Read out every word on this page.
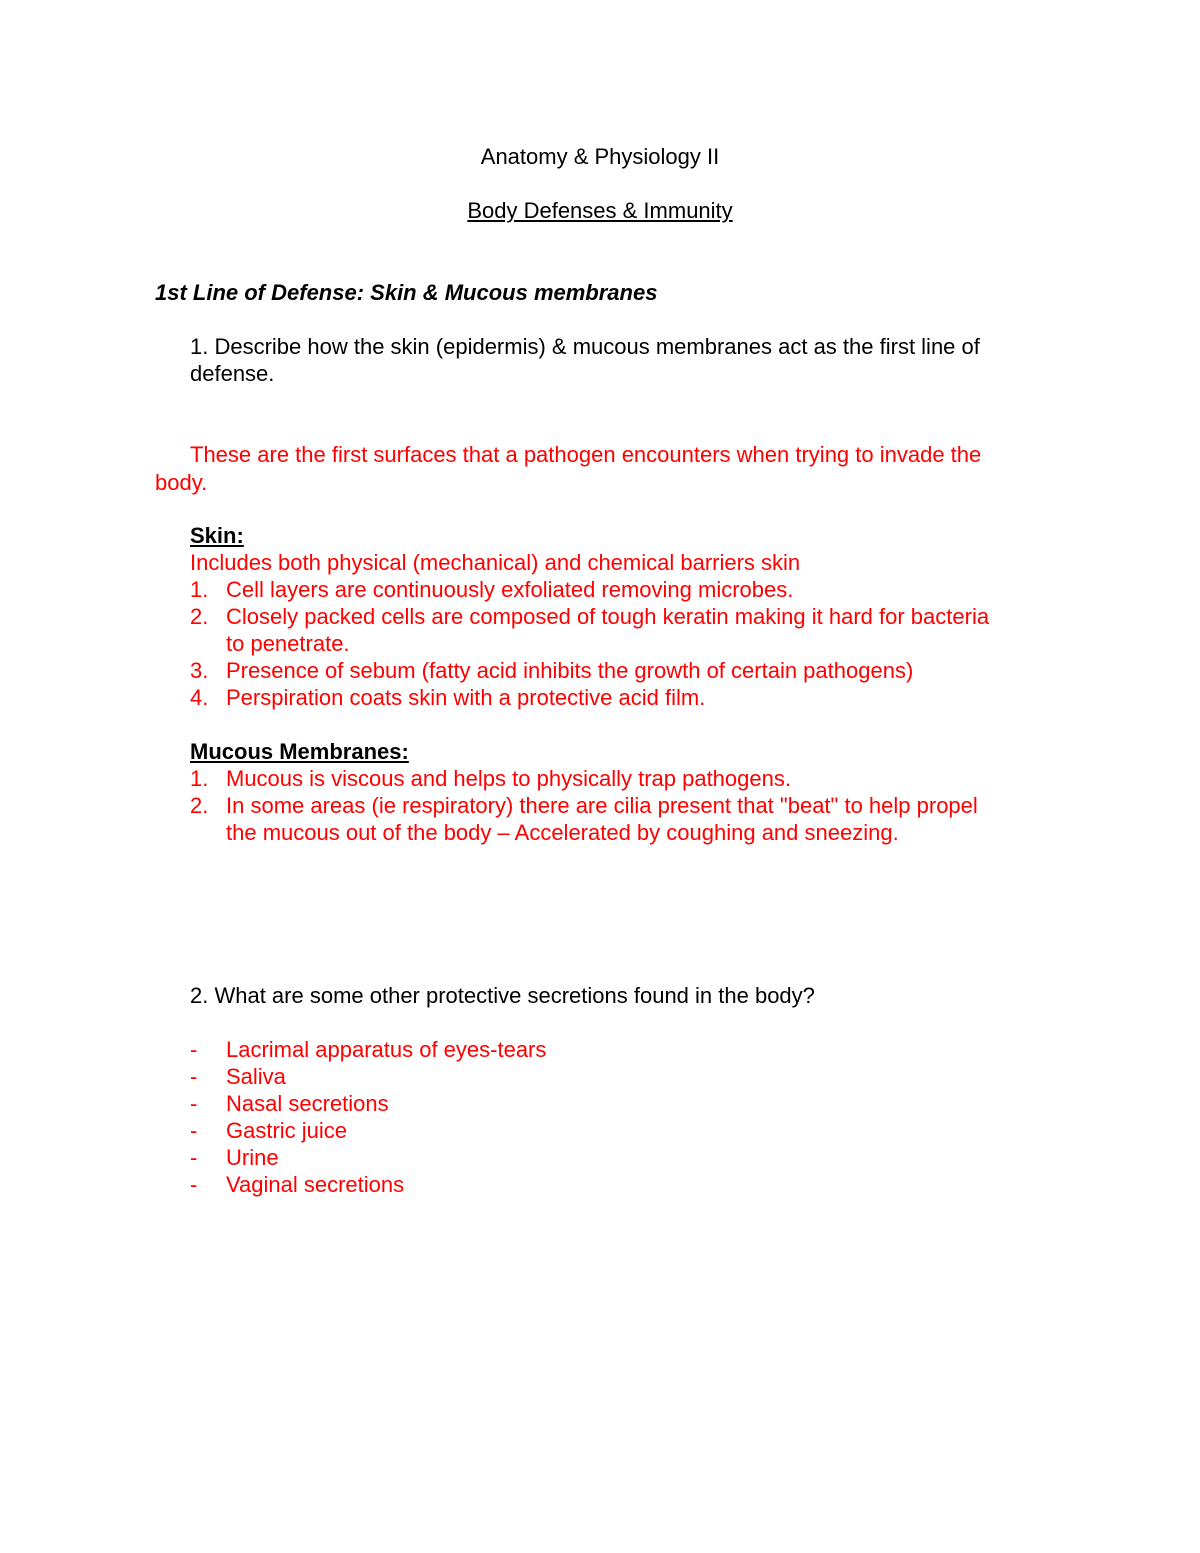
Anatomy & Physiology II
Body Defenses & Immunity
1st Line of Defense: Skin & Mucous membranes
1. Describe how the skin (epidermis) & mucous membranes act as the first line of
defense.
These are the first surfaces that a pathogen encounters when trying to invade the
body.
Skin:
Includes both physical (mechanical) and chemical barriers skin
1. Cell layers are continuously exfoliated removing microbes.
2. Closely packed cells are composed of tough keratin making it hard for bacteria
to penetrate.
3. Presence of sebum (fatty acid inhibits the growth of certain pathogens)
4. Perspiration coats skin with a protective acid film.
Mucous Membranes:
1. Mucous is viscous and helps to physically trap pathogens.
2. In some areas (ie respiratory) there are cilia present that "beat" to help propel
the mucous out of the body – Accelerated by coughing and sneezing.
2. What are some other protective secretions found in the body?
- Lacrimal apparatus of eyes-tears
- Saliva
- Nasal secretions
- Gastric juice
- Urine
- Vaginal secretions
